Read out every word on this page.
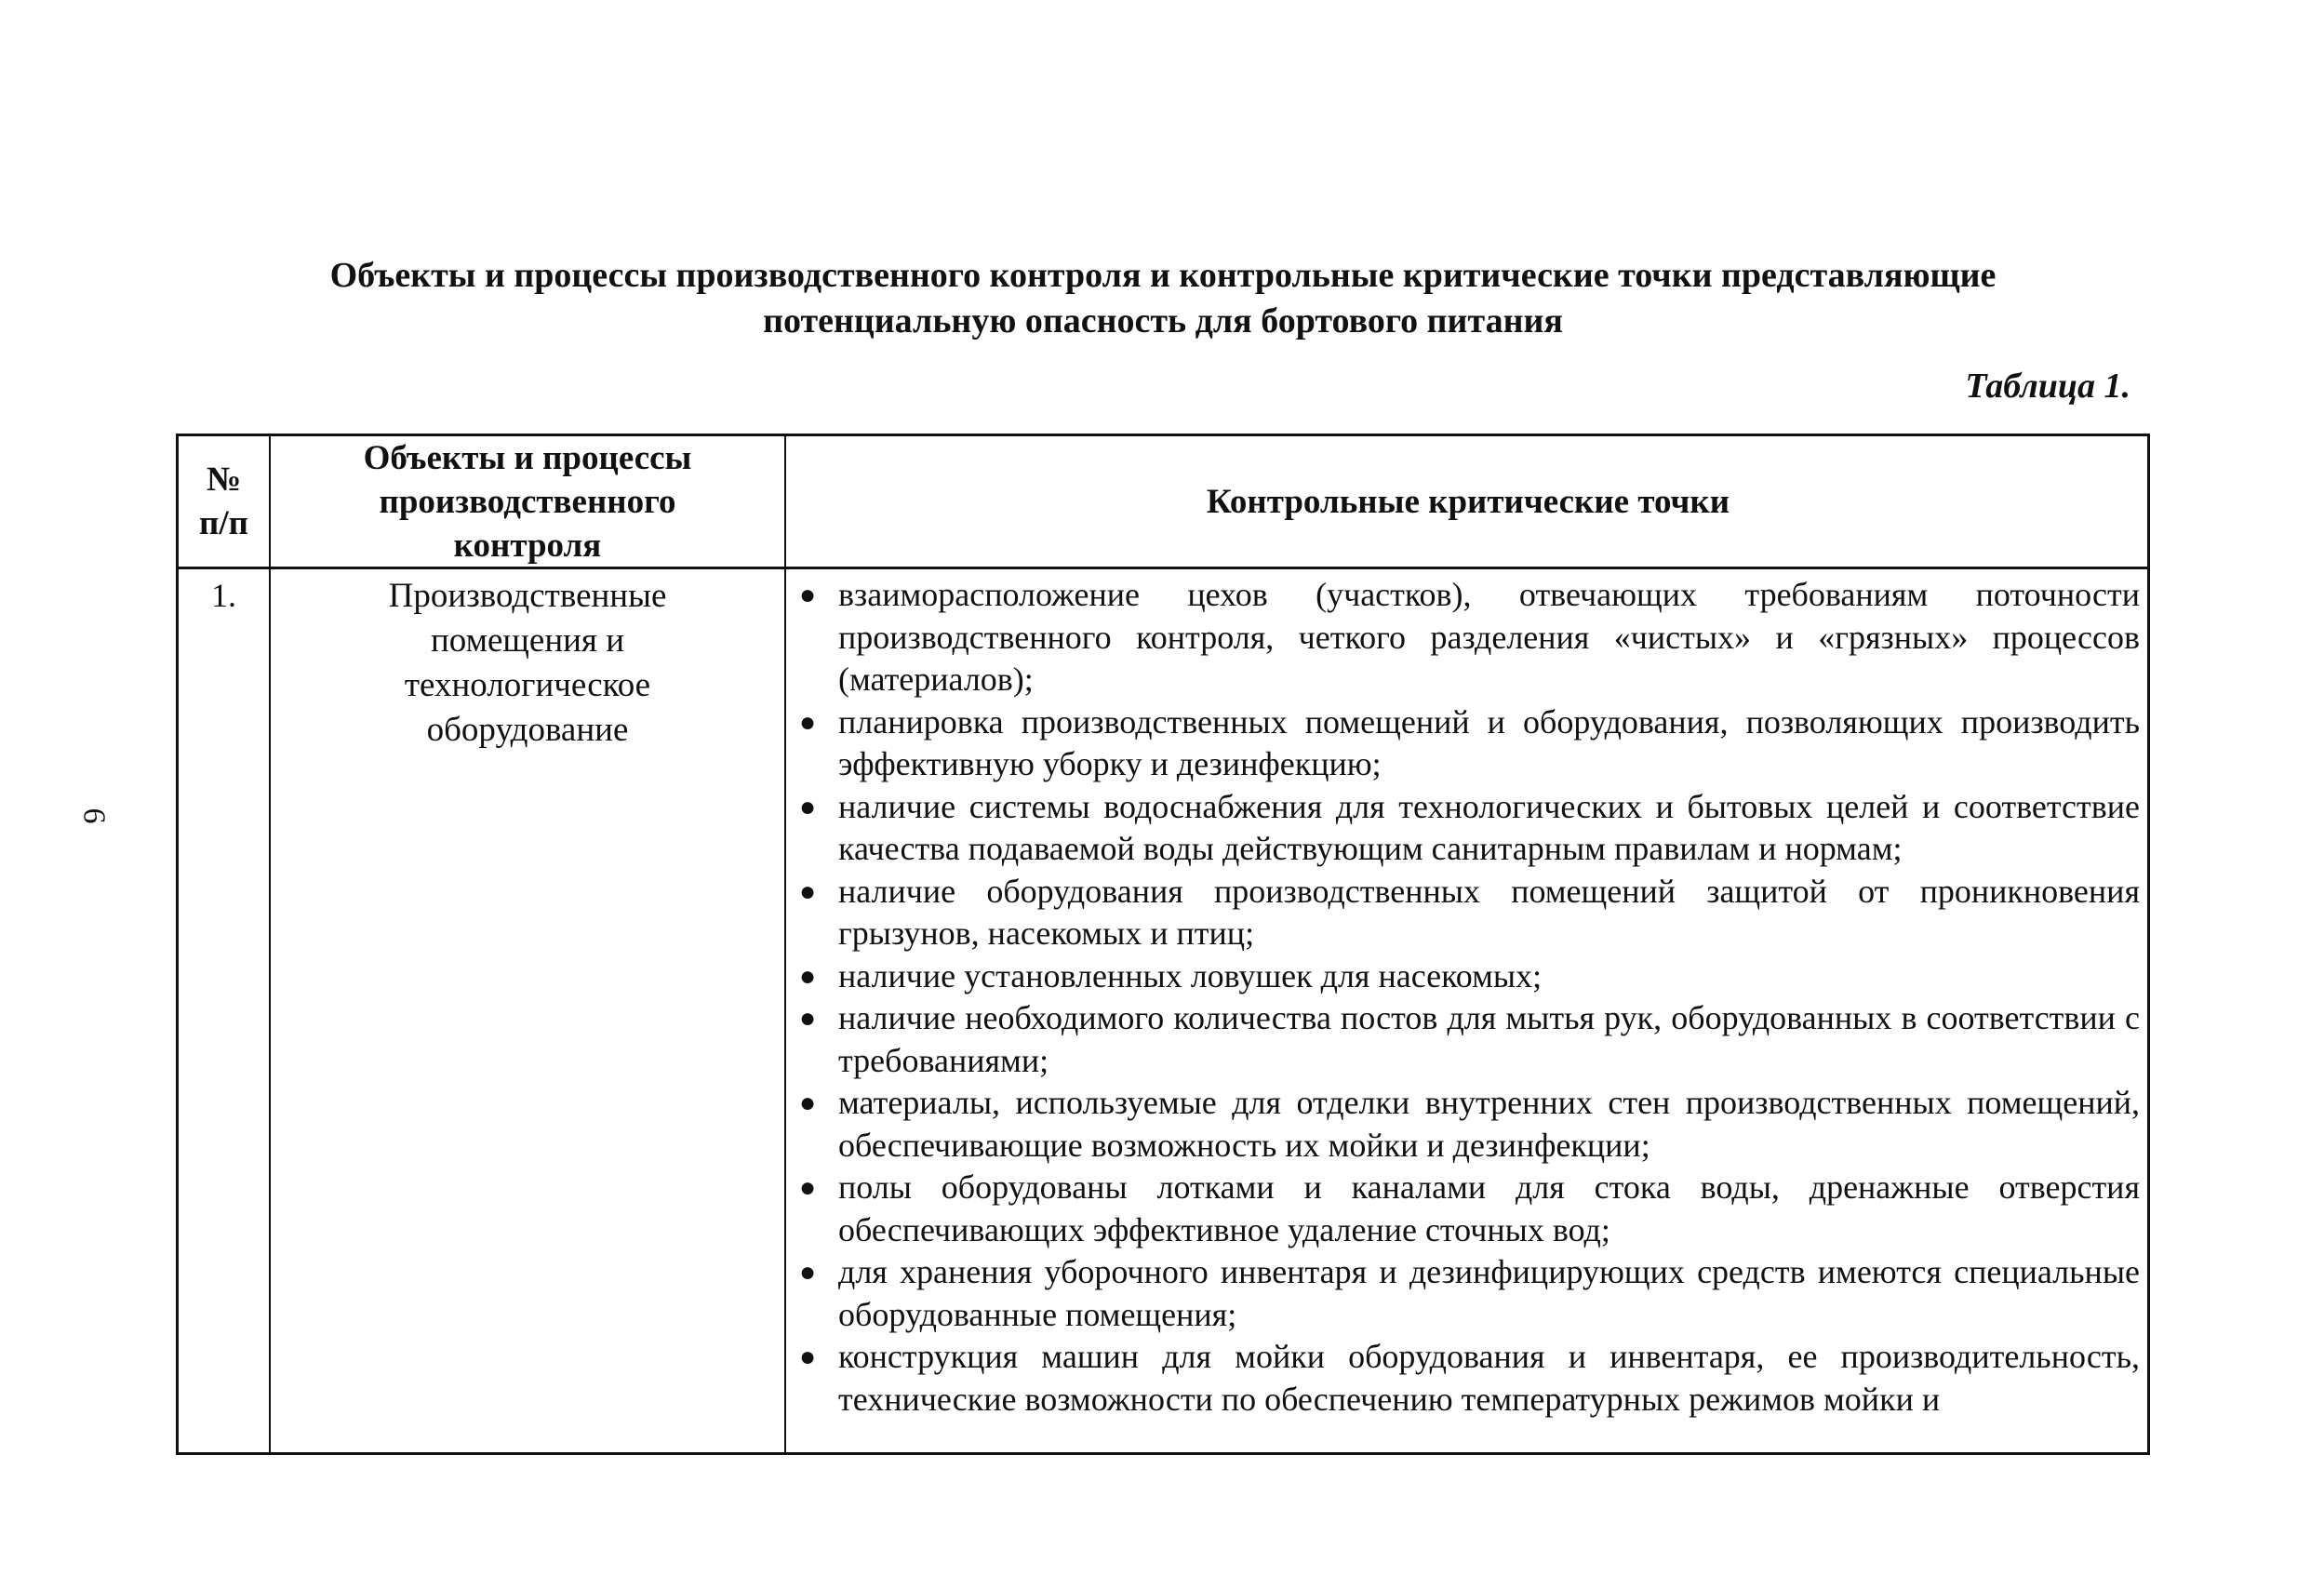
6
Объекты и процессы производственного контроля и контрольные критические точки представляющие
потенциальную опасность для бортового питания
Таблица 1.
№
п/п
Объекты и процессы
производственного
контроля
Контрольные критические точки
1.	Производственные
помещения и
технологическое
оборудование
● взаиморасположение цехов (участков), отвечающих требованиям поточности производственного контроля, четкого разделения «чистых» и «грязных» процессов (материалов);
● планировка производственных помещений и оборудования, позволяющих производить эффективную уборку и дезинфекцию;
● наличие системы водоснабжения для технологических и бытовых целей и соответствие качества подаваемой воды действующим санитарным правилам и нормам;
● наличие оборудования производственных помещений защитой от проникновения грызунов, насекомых и птиц;
● наличие установленных ловушек для насекомых;
● наличие необходимого количества постов для мытья рук, оборудованных в соответствии с требованиями;
● материалы, используемые для отделки внутренних стен производственных помещений, обеспечивающие возможность их мойки и дезинфекции;
● полы оборудованы лотками и каналами для стока воды, дренажные отверстия обеспечивающих эффективное удаление сточных вод;
● для хранения уборочного инвентаря и дезинфицирующих средств имеются специальные оборудованные помещения;
● конструкция машин для мойки оборудования и инвентаря, ее производительность, технические возможности по обеспечению температурных режимов мойки и
